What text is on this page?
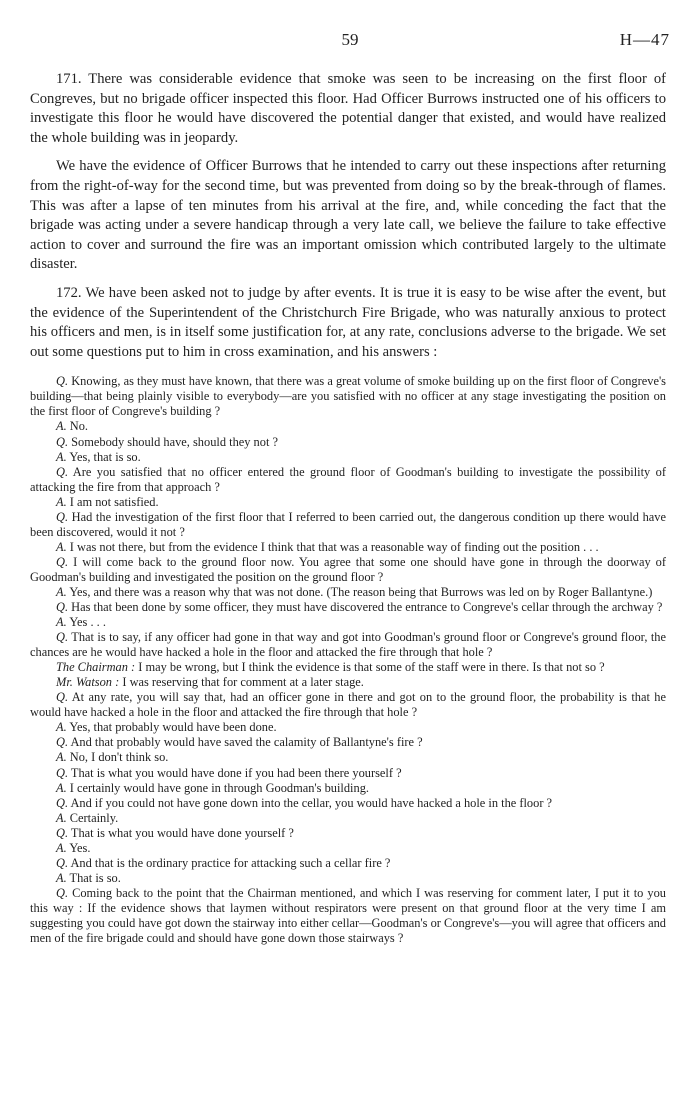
59	H—47

171. There was considerable evidence that smoke was seen to be increasing on the first floor of Congreves, but no brigade officer inspected this floor. Had Officer Burrows instructed one of his officers to investigate this floor he would have discovered the potential danger that existed, and would have realized the whole building was in jeopardy.

We have the evidence of Officer Burrows that he intended to carry out these inspections after returning from the right-of-way for the second time, but was prevented from doing so by the break-through of flames. This was after a lapse of ten minutes from his arrival at the fire, and, while conceding the fact that the brigade was acting under a severe handicap through a very late call, we believe the failure to take effective action to cover and surround the fire was an important omission which contributed largely to the ultimate disaster.

172. We have been asked not to judge by after events. It is true it is easy to be wise after the event, but the evidence of the Superintendent of the Christchurch Fire Brigade, who was naturally anxious to protect his officers and men, is in itself some justification for, at any rate, conclusions adverse to the brigade. We set out some questions put to him in cross examination, and his answers :

Q. Knowing, as they must have known, that there was a great volume of smoke building up on the first floor of Congreve's building—that being plainly visible to everybody—are you satisfied with no officer at any stage investigating the position on the first floor of Congreve's building ?

A. No.

Q. Somebody should have, should they not ?

A. Yes, that is so.

Q. Are you satisfied that no officer entered the ground floor of Goodman's building to investigate the possibility of attacking the fire from that approach ?

A. I am not satisfied.

Q. Had the investigation of the first floor that I referred to been carried out, the dangerous condition up there would have been discovered, would it not ?

A. I was not there, but from the evidence I think that that was a reasonable way of finding out the position . . .

Q. I will come back to the ground floor now. You agree that some one should have gone in through the doorway of Goodman's building and investigated the position on the ground floor ?

A. Yes, and there was a reason why that was not done. (The reason being that Burrows was led on by Roger Ballantyne.)

Q. Has that been done by some officer, they must have discovered the entrance to Congreve's cellar through the archway ?

A. Yes . . .

Q. That is to say, if any officer had gone in that way and got into Goodman's ground floor or Congreve's ground floor, the chances are he would have hacked a hole in the floor and attacked the fire through that hole ?

The Chairman : I may be wrong, but I think the evidence is that some of the staff were in there. Is that not so ?

Mr. Watson : I was reserving that for comment at a later stage.

Q. At any rate, you will say that, had an officer gone in there and got on to the ground floor, the probability is that he would have hacked a hole in the floor and attacked the fire through that hole ?

A. Yes, that probably would have been done.

Q. And that probably would have saved the calamity of Ballantyne's fire ?

A. No, I don't think so.

Q. That is what you would have done if you had been there yourself ?

A. I certainly would have gone in through Goodman's building.

Q. And if you could not have gone down into the cellar, you would have hacked a hole in the floor ?

A. Certainly.

Q. That is what you would have done yourself ?

A. Yes.

Q. And that is the ordinary practice for attacking such a cellar fire ?

A. That is so.

Q. Coming back to the point that the Chairman mentioned, and which I was reserving for comment later, I put it to you this way : If the evidence shows that laymen without respirators were present on that ground floor at the very time I am suggesting you could have got down the stairway into either cellar—Goodman's or Congreve's—you will agree that officers and men of the fire brigade could and should have gone down those stairways ?
